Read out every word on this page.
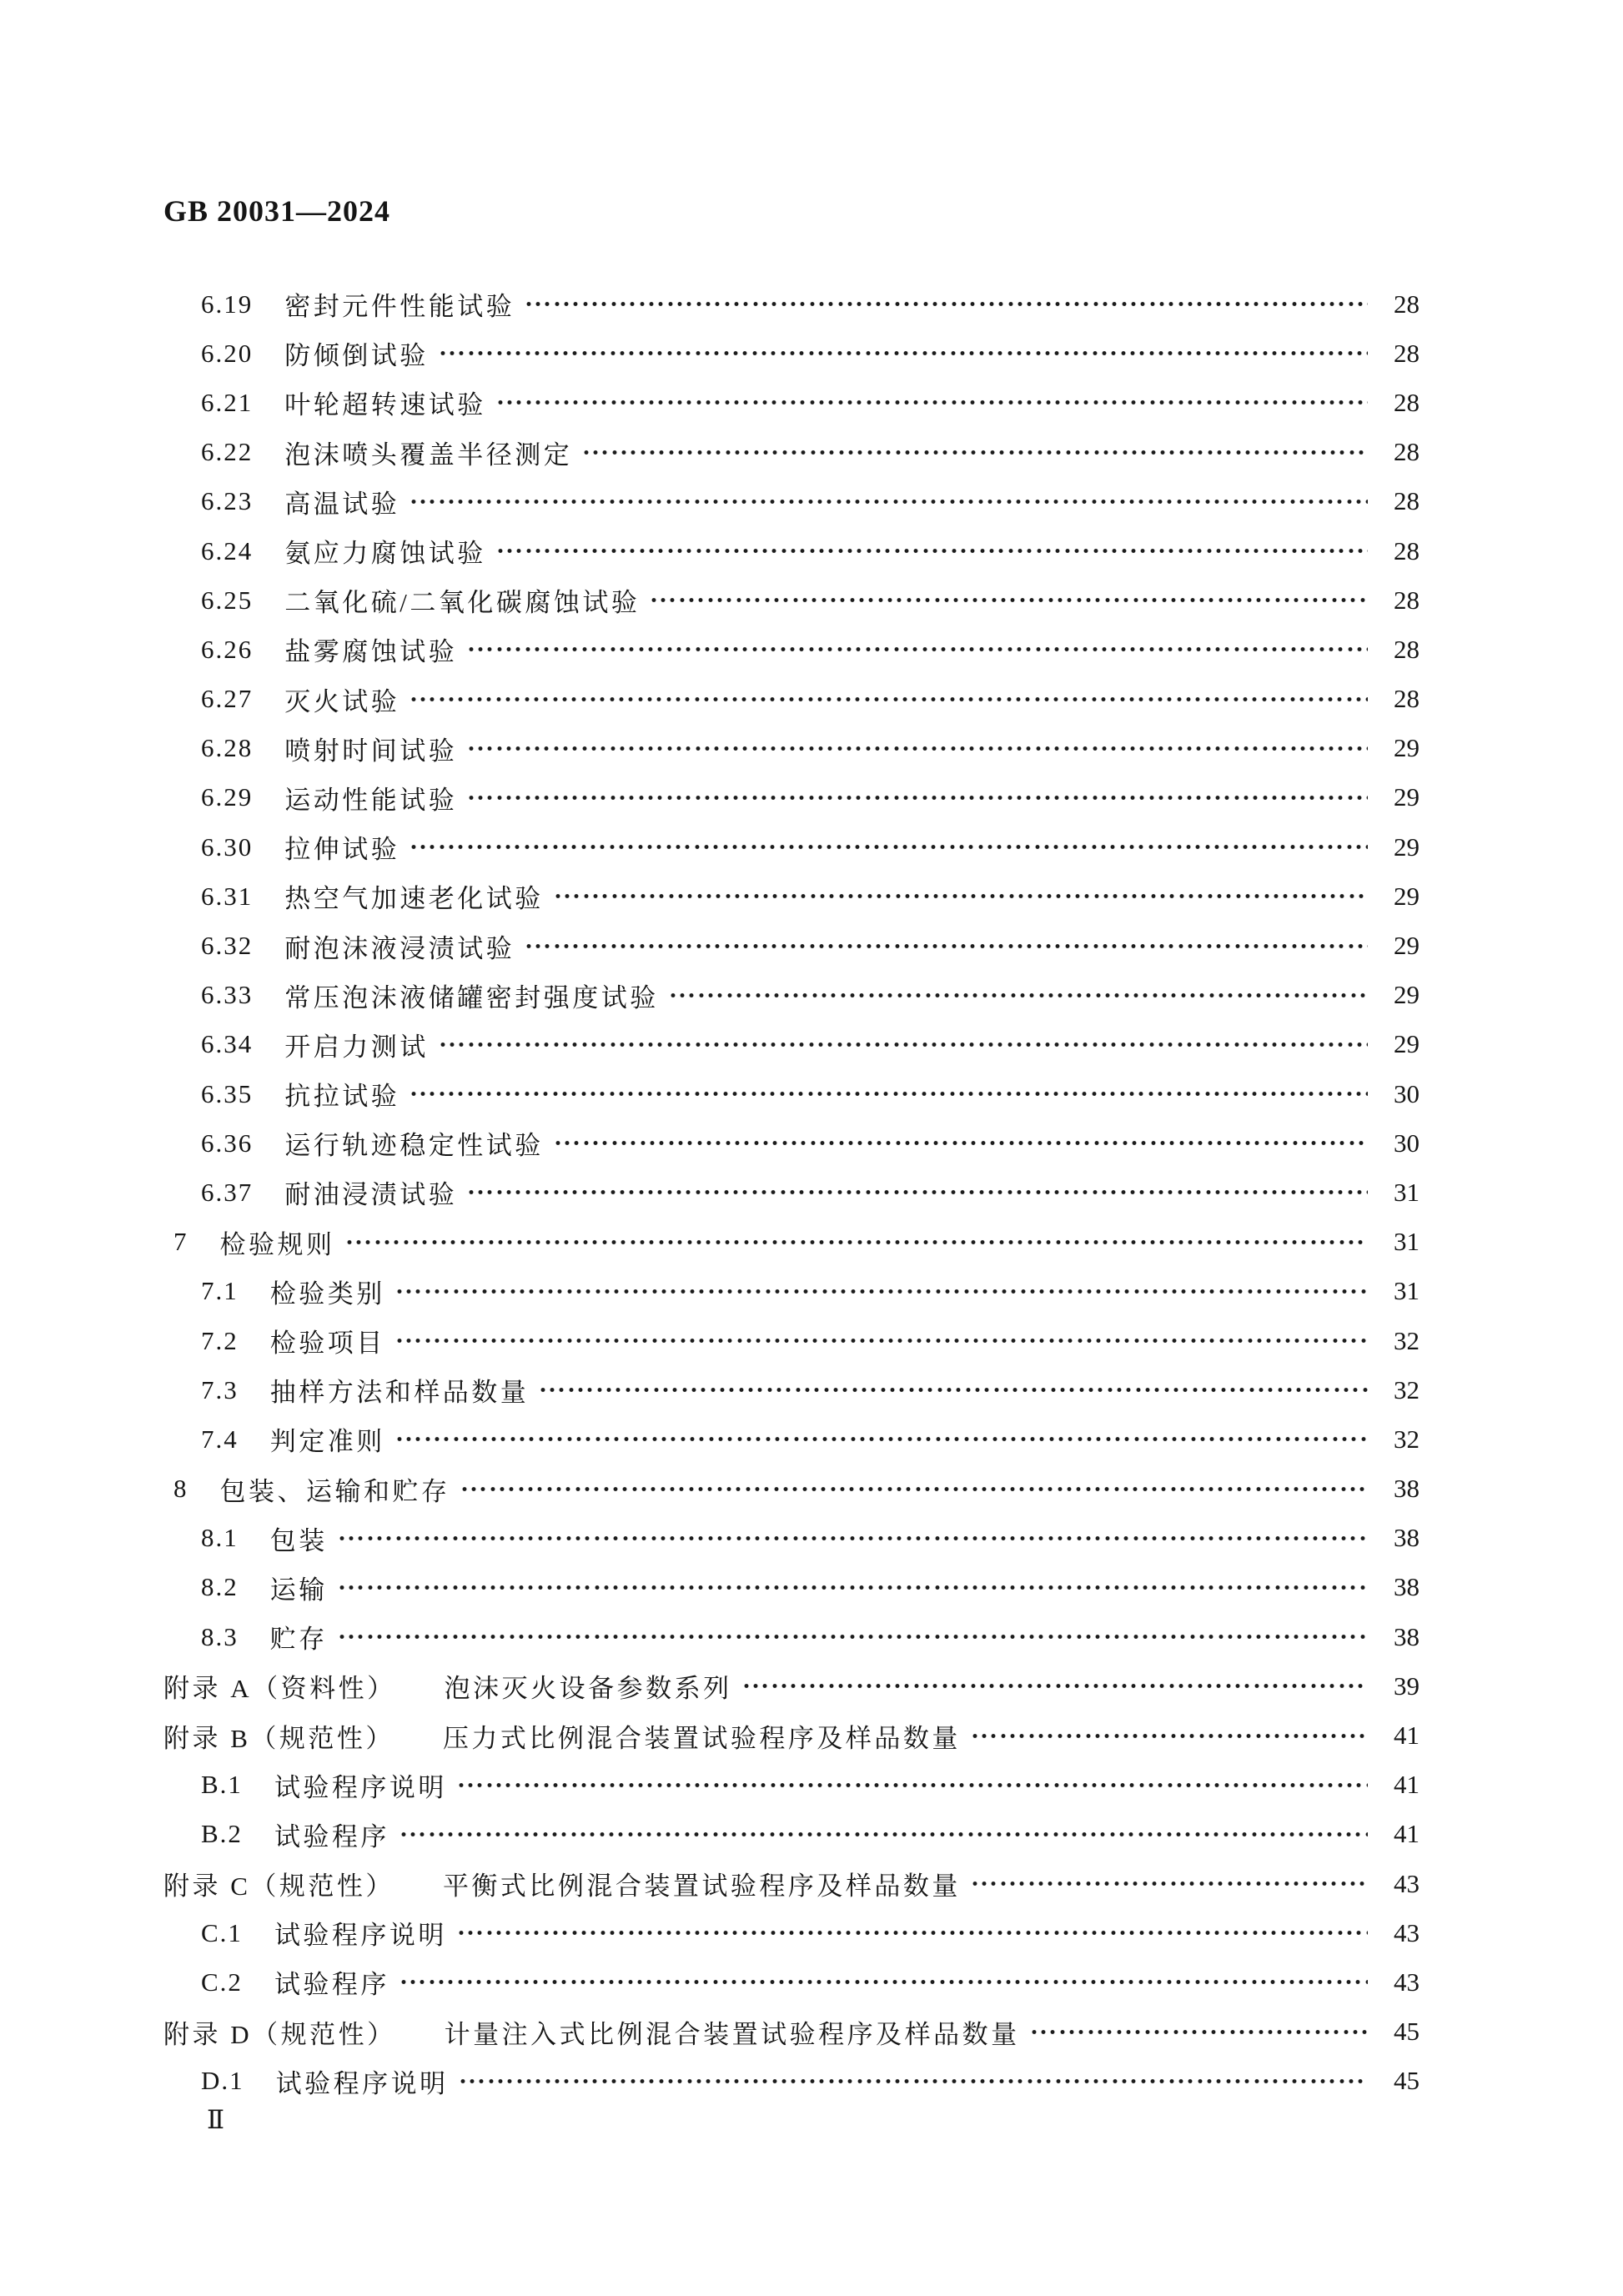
GB 20031—2024
6.19 密封元件性能试验	28
6.20 防倾倒试验	28
6.21 叶轮超转速试验	28
6.22 泡沫喷头覆盖半径测定	28
6.23 高温试验	28
6.24 氨应力腐蚀试验	28
6.25 二氧化硫/二氧化碳腐蚀试验	28
6.26 盐雾腐蚀试验	28
6.27 灭火试验	28
6.28 喷射时间试验	29
6.29 运动性能试验	29
6.30 拉伸试验	29
6.31 热空气加速老化试验	29
6.32 耐泡沫液浸渍试验	29
6.33 常压泡沫液储罐密封强度试验	29
6.34 开启力测试	29
6.35 抗拉试验	30
6.36 运行轨迹稳定性试验	30
6.37 耐油浸渍试验	31
7 检验规则	31
7.1 检验类别	31
7.2 检验项目	32
7.3 抽样方法和样品数量	32
7.4 判定准则	32
8 包装、运输和贮存	38
8.1 包装	38
8.2 运输	38
8.3 贮存	38
附录 A（资料性） 泡沫灭火设备参数系列	39
附录 B（规范性） 压力式比例混合装置试验程序及样品数量	41
B.1 试验程序说明	41
B.2 试验程序	41
附录 C（规范性） 平衡式比例混合装置试验程序及样品数量	43
C.1 试验程序说明	43
C.2 试验程序	43
附录 D（规范性） 计量注入式比例混合装置试验程序及样品数量	45
D.1 试验程序说明	45
Ⅱ
